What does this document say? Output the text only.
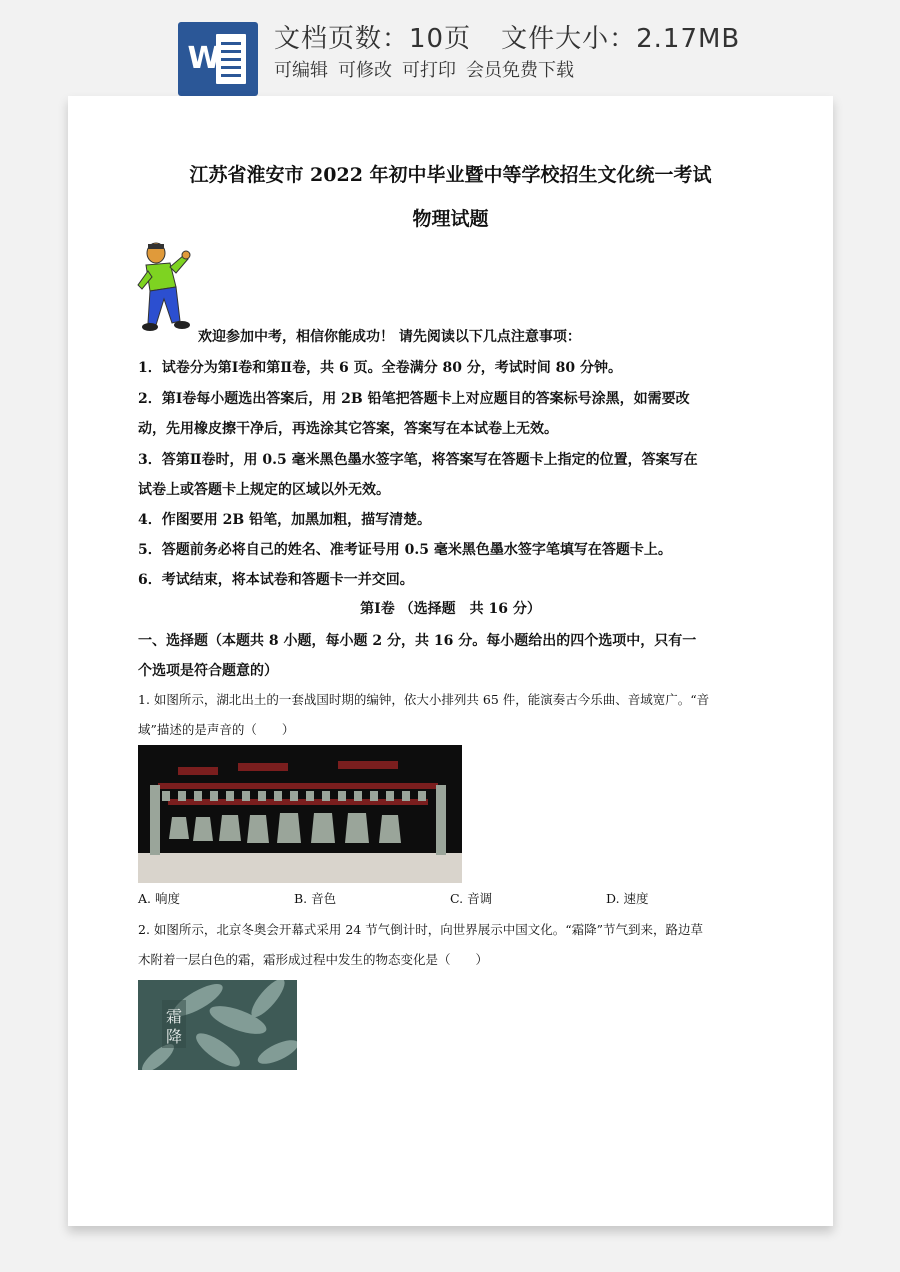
W
文档页数：10页 文件大小：2.17MB
可编辑 可修改 可打印 会员免费下载
江苏省淮安市 2022 年初中毕业暨中等学校招生文化统一考试
物理试题
欢迎参加中考，相信你能成功！ 请先阅读以下几点注意事项：
1．试卷分为第Ⅰ卷和第Ⅱ卷，共 6 页。全卷满分 80 分，考试时间 80 分钟。
2．第Ⅰ卷每小题选出答案后，用 2B 铅笔把答题卡上对应题目的答案标号涂黑，如需要改
动，先用橡皮擦干净后，再选涂其它答案，答案写在本试卷上无效。
3．答第Ⅱ卷时，用 0.5 毫米黑色墨水签字笔，将答案写在答题卡上指定的位置，答案写在
试卷上或答题卡上规定的区域以外无效。
4．作图要用 2B 铅笔，加黑加粗，描写清楚。
5．答题前务必将自己的姓名、准考证号用 0.5 毫米黑色墨水签字笔填写在答题卡上。
6．考试结束，将本试卷和答题卡一并交回。
第Ⅰ卷 （选择题　共 16 分）
一、选择题（本题共 8 小题，每小题 2 分，共 16 分。每小题给出的四个选项中，只有一
个选项是符合题意的）
1. 如图所示，湖北出土的一套战国时期的编钟，依大小排列共 65 件，能演奏古今乐曲、音域宽广。“音
域”描述的是声音的（　　）
A. 响度	B. 音色	C. 音调	D. 速度
2. 如图所示，北京冬奥会开幕式采用 24 节气倒计时，向世界展示中国文化。“霜降”节气到来，路边草
木附着一层白色的霜，霜形成过程中发生的物态变化是（　　）
霜
降
